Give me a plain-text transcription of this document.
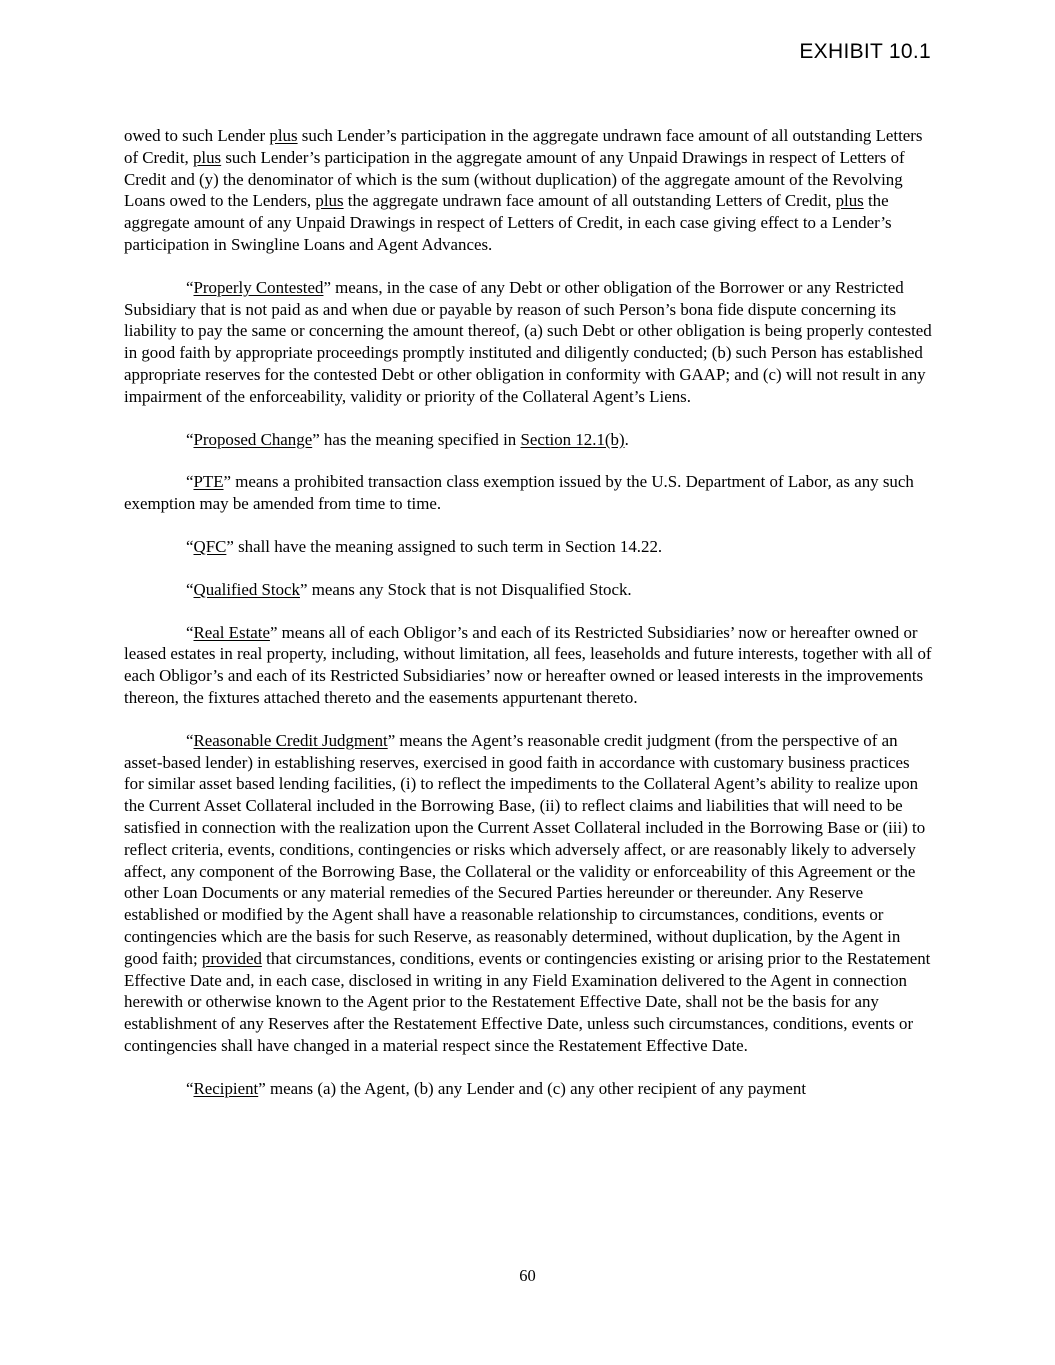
EXHIBIT 10.1

owed to such Lender plus such Lender’s participation in the aggregate undrawn face amount of all outstanding Letters of Credit, plus such Lender’s participation in the aggregate amount of any Unpaid Drawings in respect of Letters of Credit and (y) the denominator of which is the sum (without duplication) of the aggregate amount of the Revolving Loans owed to the Lenders, plus the aggregate undrawn face amount of all outstanding Letters of Credit, plus the aggregate amount of any Unpaid Drawings in respect of Letters of Credit, in each case giving effect to a Lender’s participation in Swingline Loans and Agent Advances.

“Properly Contested” means, in the case of any Debt or other obligation of the Borrower or any Restricted Subsidiary that is not paid as and when due or payable by reason of such Person’s bona fide dispute concerning its liability to pay the same or concerning the amount thereof, (a) such Debt or other obligation is being properly contested in good faith by appropriate proceedings promptly instituted and diligently conducted; (b) such Person has established appropriate reserves for the contested Debt or other obligation in conformity with GAAP; and (c) will not result in any impairment of the enforceability, validity or priority of the Collateral Agent’s Liens.

“Proposed Change” has the meaning specified in Section 12.1(b).

“PTE” means a prohibited transaction class exemption issued by the U.S. Department of Labor, as any such exemption may be amended from time to time.

“QFC” shall have the meaning assigned to such term in Section 14.22.

“Qualified Stock” means any Stock that is not Disqualified Stock.

“Real Estate” means all of each Obligor’s and each of its Restricted Subsidiaries’ now or hereafter owned or leased estates in real property, including, without limitation, all fees, leaseholds and future interests, together with all of each Obligor’s and each of its Restricted Subsidiaries’ now or hereafter owned or leased interests in the improvements thereon, the fixtures attached thereto and the easements appurtenant thereto.

“Reasonable Credit Judgment” means the Agent’s reasonable credit judgment (from the perspective of an asset-based lender) in establishing reserves, exercised in good faith in accordance with customary business practices for similar asset based lending facilities, (i) to reflect the impediments to the Collateral Agent’s ability to realize upon the Current Asset Collateral included in the Borrowing Base, (ii) to reflect claims and liabilities that will need to be satisfied in connection with the realization upon the Current Asset Collateral included in the Borrowing Base or (iii) to reflect criteria, events, conditions, contingencies or risks which adversely affect, or are reasonably likely to adversely affect, any component of the Borrowing Base, the Collateral or the validity or enforceability of this Agreement or the other Loan Documents or any material remedies of the Secured Parties hereunder or thereunder. Any Reserve established or modified by the Agent shall have a reasonable relationship to circumstances, conditions, events or contingencies which are the basis for such Reserve, as reasonably determined, without duplication, by the Agent in good faith; provided that circumstances, conditions, events or contingencies existing or arising prior to the Restatement Effective Date and, in each case, disclosed in writing in any Field Examination delivered to the Agent in connection herewith or otherwise known to the Agent prior to the Restatement Effective Date, shall not be the basis for any establishment of any Reserves after the Restatement Effective Date, unless such circumstances, conditions, events or contingencies shall have changed in a material respect since the Restatement Effective Date.

“Recipient” means (a) the Agent, (b) any Lender and (c) any other recipient of any payment

60
